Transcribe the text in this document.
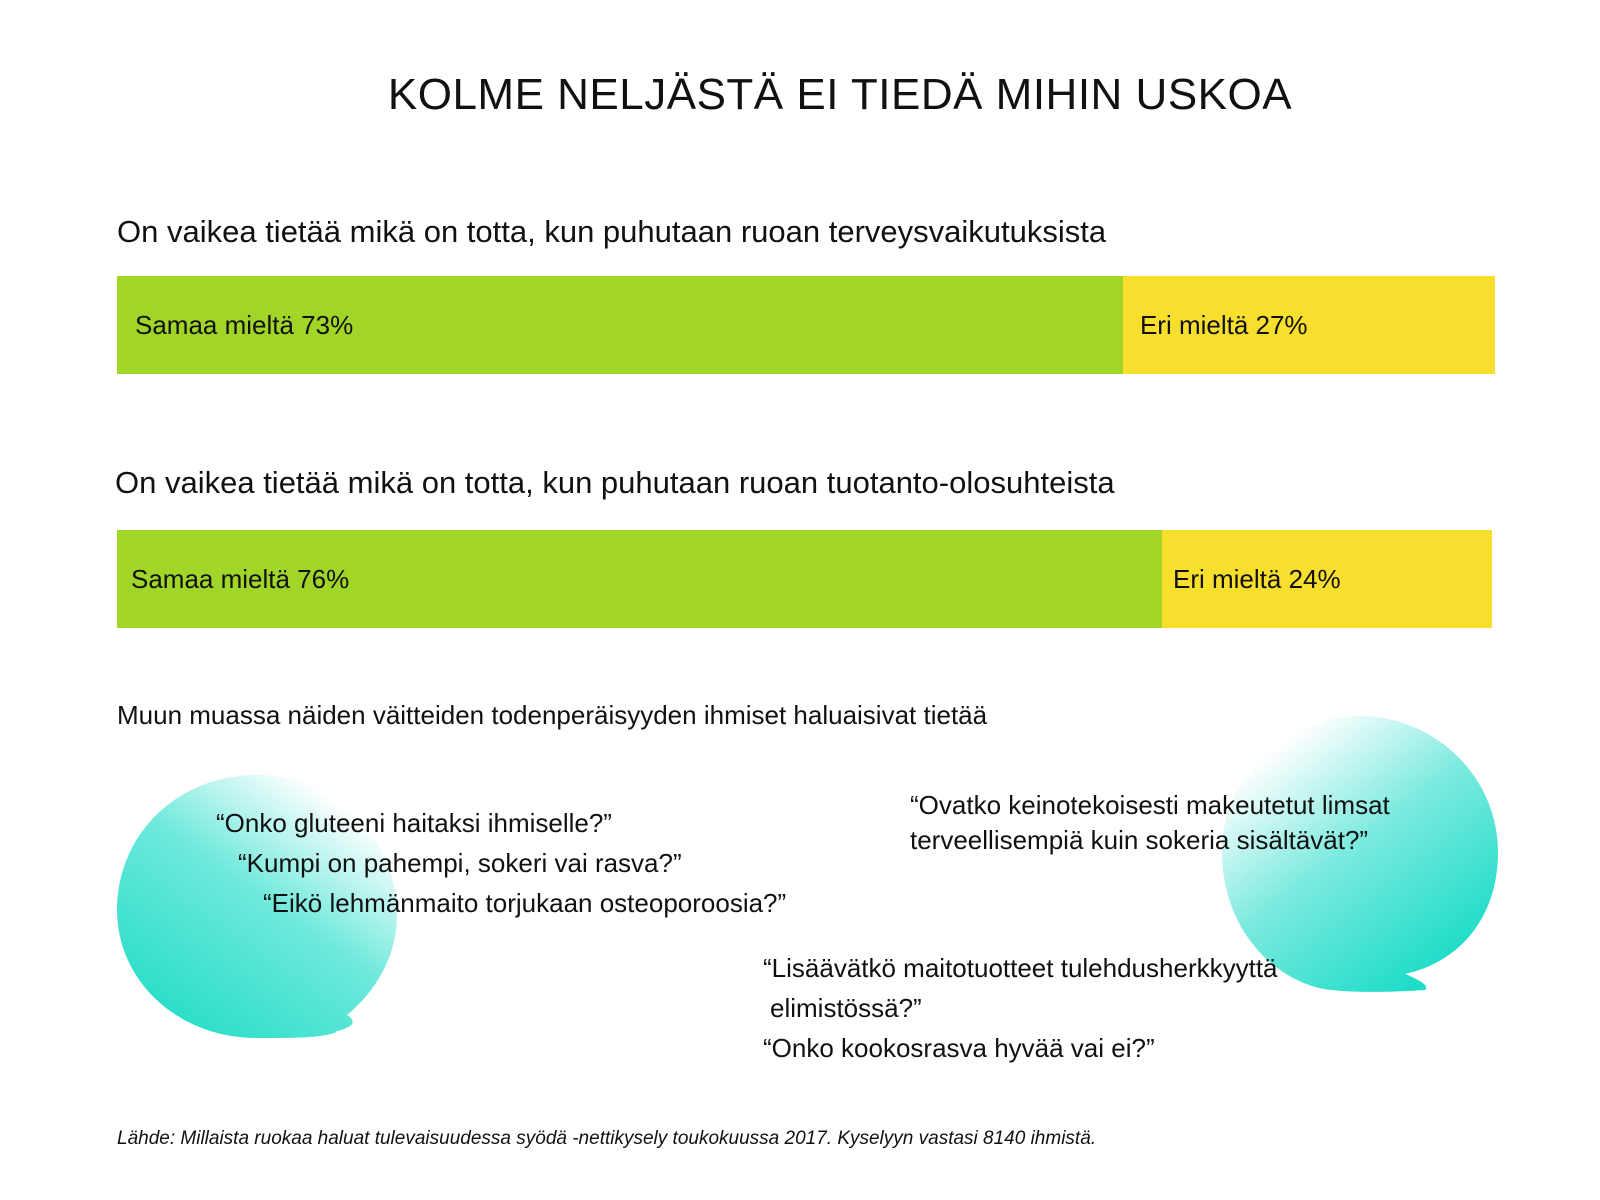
KOLME NELJÄSTÄ EI TIEDÄ MIHIN USKOA
On vaikea tietää mikä on totta, kun puhutaan ruoan terveysvaikutuksista
Samaa mieltä 73%	Eri mieltä 27%
On vaikea tietää mikä on totta, kun puhutaan ruoan tuotanto-olosuhteista
Samaa mieltä 76%	Eri mieltä 24%
Muun muassa näiden väitteiden todenperäisyyden ihmiset haluaisivat tietää
“Onko gluteeni haitaksi ihmiselle?”
“Kumpi on pahempi, sokeri vai rasva?”
“Eikö lehmänmaito torjukaan osteoporoosia?”
“Ovatko keinotekoisesti makeutetut limsat
terveellisempiä kuin sokeria sisältävät?”
“Lisäävätkö maitotuotteet tulehdusherkkyyttä
elimistössä?”
“Onko kookosrasva hyvää vai ei?”
Lähde: Millaista ruokaa haluat tulevaisuudessa syödä -nettikysely toukokuussa 2017. Kyselyyn vastasi 8140 ihmistä.
